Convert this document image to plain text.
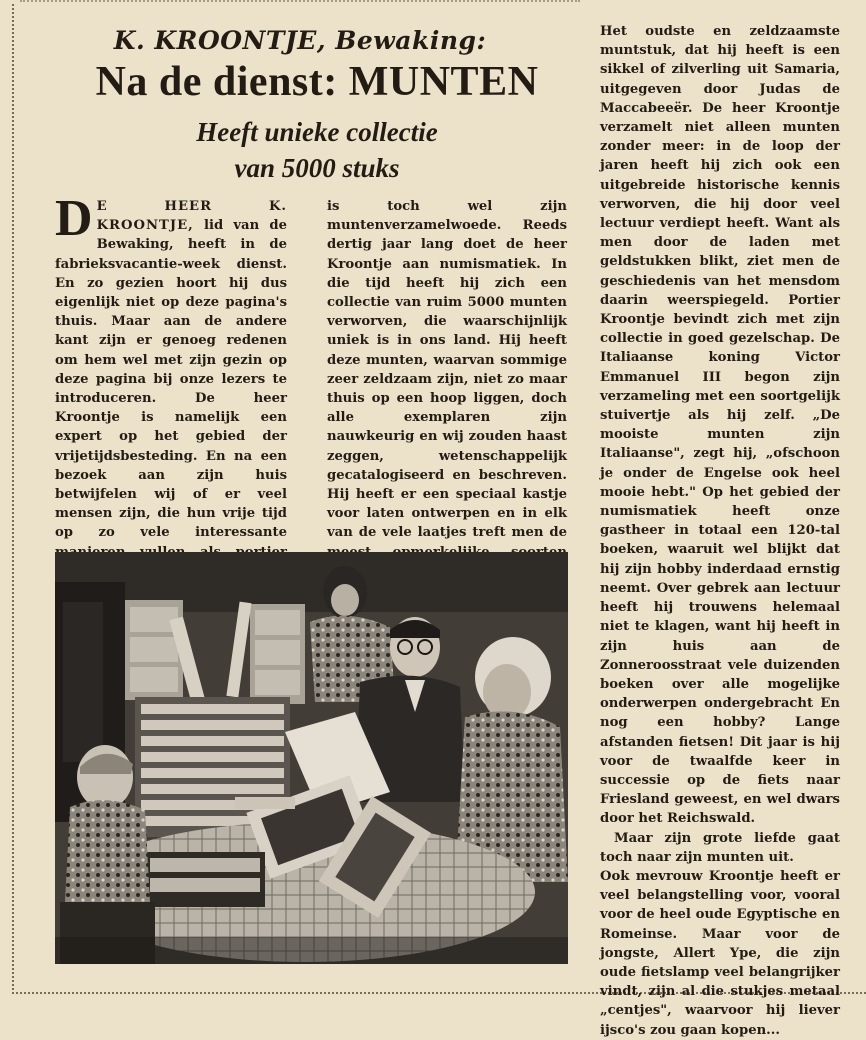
K. KROONTJE, Bewaking:
Na de dienst: MUNTEN
Heeft unieke collectie
van 5000 stuks

D E HEER K. KROONTJE, lid van de Bewaking, heeft in de fabrieksvacantie-week dienst. En zo gezien hoort hij dus eigenlijk niet op deze pagina's thuis. Maar aan de andere kant zijn er genoeg redenen om hem wel met zijn gezin op deze pagina bij onze lezers te introduceren. De heer Kroontje is namelijk een expert op het gebied der vrijetijdsbesteding. En na een bezoek aan zijn huis betwijfelen wij of er veel mensen zijn, die hun vrije tijd op zo vele interessante

is toch wel zijn muntenverzamelwoede. Reeds dertig jaar lang doet de heer Kroontje aan numismatiek. In die tijd heeft hij zich een collectie van ruim 5000 munten verworven, die waarschijnlijk uniek is in ons land. Hij heeft deze munten, waarvan sommige zeer zeldzaam zijn, niet zo maar thuis op een hoop liggen, doch alle exemplaren zijn nauwkeurig en wij zouden haast zeggen, wetenschappelijk gecatalogiseerd en beschreven. Hij heeft er een speciaal kastje voor laten ontwerpen en in elk van de vele laatjes treft men de

Het oudste en zeldzaamste muntstuk, dat hij heeft is een sikkel of zilverling uit Samaria, uitgegeven door Judas de Maccabeeër. De heer Kroontje verzamelt niet alleen munten zonder meer: in de loop der jaren heeft hij zich ook een uitgebreide historische kennis verworven, die hij door veel lectuur verdiept heeft. Want als men door de laden met geldstukken blikt, ziet men de geschiedenis van het mensdom daarin weerspiegeld. Portier Kroontje bevindt zich met zijn collectie in goed gezelschap. De Italiaanse koning Victor Emmanuel III begon zijn verzameling met een soortgelijk stuivertje als hij zelf. „De mooiste munten zijn Italiaanse", zegt hij, „ofschoon je onder de Engelse ook heel mooie hebt." Op het gebied der numismatiek heeft onze gastheer in totaal een 120-tal boeken, waaruit wel blijkt dat hij zijn hobby inderdaad ernstig neemt. Over gebrek aan lectuur heeft hij trouwens helemaal niet te klagen, want hij heeft in zijn huis aan de Zonneroosstraat vele duizenden boeken over alle mogelijke onderwerpen ondergebracht En nog een hobby? Lange afstanden fietsen! Dit jaar is hij voor de twaalfde keer in successie op de fiets naar Friesland geweest, en wel dwars door het Reichswald.

Maar zijn grote liefde gaat toch naar zijn munten uit.

Ook mevrouw Kroontje heeft er veel belangstelling voor, vooral voor de heel oude Egyptische en Romeinse. Maar voor de jongste, Allert Ype, die zijn oude fietslamp veel belangrijker vindt, zijn al die stukjes metaal „centjes", waarvoor hij liever ijsco's zou gaan kopen...
